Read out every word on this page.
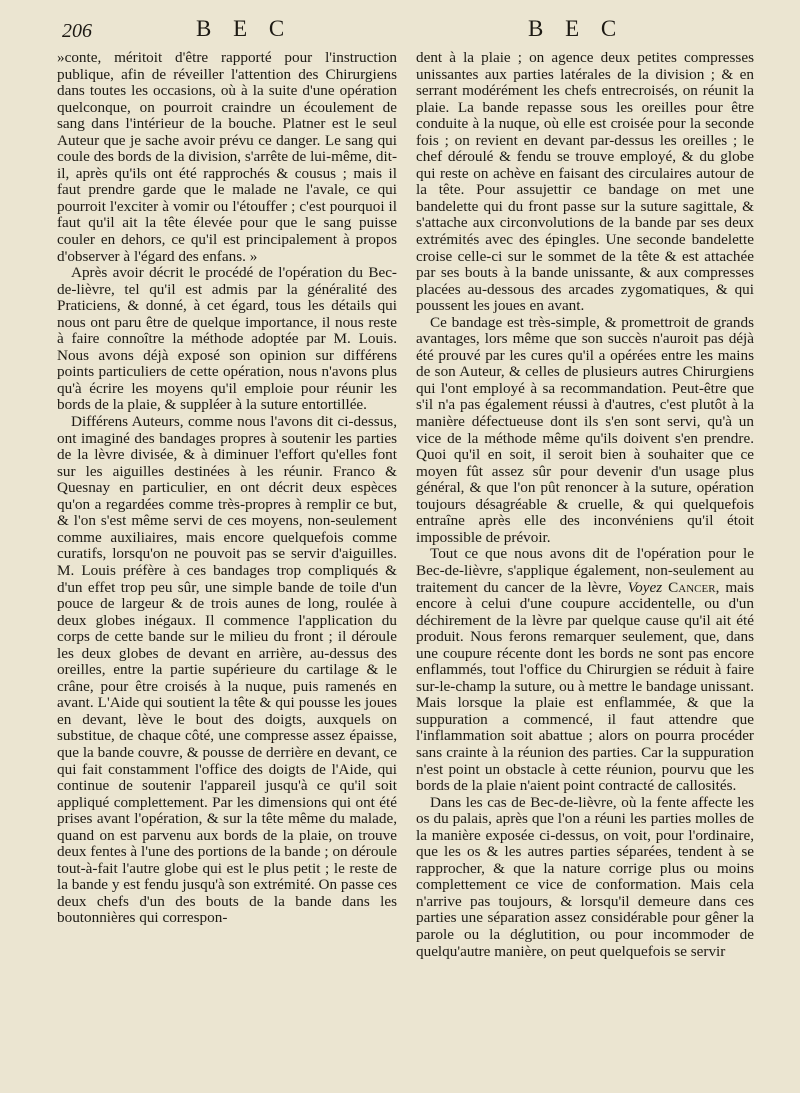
206	B E C	B E C

»conte, méritoit d'être rapporté pour l'instruction publique, afin de réveiller l'attention des Chirurgiens dans toutes les occasions, où à la suite d'une opération quelconque, on pourroit craindre un écoulement de sang dans l'intérieur de la bouche. Platner est le seul Auteur que je sache avoir prévu ce danger. Le sang qui coule des bords de la division, s'arrête de lui-même, dit-il, après qu'ils ont été rapprochés & cousus ; mais il faut prendre garde que le malade ne l'avale, ce qui pourroit l'exciter à vomir ou l'étouffer ; c'est pourquoi il faut qu'il ait la tête élevée pour que le sang puisse couler en dehors, ce qu'il est principalement à propos d'observer à l'égard des enfans. »

Après avoir décrit le procédé de l'opération du Bec-de-lièvre, tel qu'il est admis par la généralité des Praticiens, & donné, à cet égard, tous les détails qui nous ont paru être de quelque importance, il nous reste à faire connoître la méthode adoptée par M. Louis. Nous avons déjà exposé son opinion sur différens points particuliers de cette opération, nous n'avons plus qu'à écrire les moyens qu'il emploie pour réunir les bords de la plaie, & suppléer à la suture entortillée.

Différens Auteurs, comme nous l'avons dit ci-dessus, ont imaginé des bandages propres à soutenir les parties de la lèvre divisée, & à diminuer l'effort qu'elles font sur les aiguilles destinées à les réunir. Franco & Quesnay en particulier, en ont décrit deux espèces qu'on a regardées comme très-propres à remplir ce but, & l'on s'est même servi de ces moyens, non-seulement comme auxiliaires, mais encore quelquefois comme curatifs, lorsqu'on ne pouvoit pas se servir d'aiguilles. M. Louis préfère à ces bandages trop compliqués & d'un effet trop peu sûr, une simple bande de toile d'un pouce de largeur & de trois aunes de long, roulée à deux globes inégaux. Il commence l'application du corps de cette bande sur le milieu du front ; il déroule les deux globes de devant en arrière, au-dessus des oreilles, entre la partie supérieure du cartilage & le crâne, pour être croisés à la nuque, puis ramenés en avant. L'Aide qui soutient la tête & qui pousse les joues en devant, lève le bout des doigts, auxquels on substitue, de chaque côté, une compresse assez épaisse, que la bande couvre, & pousse de derrière en devant, ce qui fait constamment l'office des doigts de l'Aide, qui continue de soutenir l'appareil jusqu'à ce qu'il soit appliqué complettement. Par les dimensions qui ont été prises avant l'opération, & sur la tête même du malade, quand on est parvenu aux bords de la plaie, on trouve deux fentes à l'une des portions de la bande ; on déroule tout-à-fait l'autre globe qui est le plus petit ; le reste de la bande y est fendu jusqu'à son extrémité. On passe ces deux chefs d'un des bouts de la bande dans les boutonnières qui correspon-

dent à la plaie ; on agence deux petites compresses unissantes aux parties latérales de la division ; & en serrant modérément les chefs entrecroisés, on réunit la plaie. La bande repasse sous les oreilles pour être conduite à la nuque, où elle est croisée pour la seconde fois ; on revient en devant par-dessus les oreilles ; le chef déroulé & fendu se trouve employé, & du globe qui reste on achève en faisant des circulaires autour de la tête. Pour assujettir ce bandage on met une bandelette qui du front passe sur la suture sagittale, & s'attache aux circonvolutions de la bande par ses deux extrémités avec des épingles. Une seconde bandelette croise celle-ci sur le sommet de la tête & est attachée par ses bouts à la bande unissante, & aux compresses placées au-dessous des arcades zygomatiques, & qui poussent les joues en avant.

Ce bandage est très-simple, & promettroit de grands avantages, lors même que son succès n'auroit pas déjà été prouvé par les cures qu'il a opérées entre les mains de son Auteur, & celles de plusieurs autres Chirurgiens qui l'ont employé à sa recommandation. Peut-être que s'il n'a pas également réussi à d'autres, c'est plutôt à la manière défectueuse dont ils s'en sont servi, qu'à un vice de la méthode même qu'ils doivent s'en prendre. Quoi qu'il en soit, il seroit bien à souhaiter que ce moyen fût assez sûr pour devenir d'un usage plus général, & que l'on pût renoncer à la suture, opération toujours désagréable & cruelle, & qui quelquefois entraîne après elle des inconvéniens qu'il étoit impossible de prévoir.

Tout ce que nous avons dit de l'opération pour le Bec-de-lièvre, s'applique également, non-seulement au traitement du cancer de la lèvre, Voyez Cancer, mais encore à celui d'une coupure accidentelle, ou d'un déchirement de la lèvre par quelque cause qu'il ait été produit. Nous ferons remarquer seulement, que, dans une coupure récente dont les bords ne sont pas encore enflammés, tout l'office du Chirurgien se réduit à faire sur-le-champ la suture, ou à mettre le bandage unissant. Mais lorsque la plaie est enflammée, & que la suppuration a commencé, il faut attendre que l'inflammation soit abattue ; alors on pourra procéder sans crainte à la réunion des parties. Car la suppuration n'est point un obstacle à cette réunion, pourvu que les bords de la plaie n'aient point contracté de callosités.

Dans les cas de Bec-de-lièvre, où la fente affecte les os du palais, après que l'on a réuni les parties molles de la manière exposée ci-dessus, on voit, pour l'ordinaire, que les os & les autres parties séparées, tendent à se rapprocher, & que la nature corrige plus ou moins complettement ce vice de conformation. Mais cela n'arrive pas toujours, & lorsqu'il demeure dans ces parties une séparation assez considérable pour gêner la parole ou la déglutition, ou pour incommoder de quelqu'autre manière, on peut quelquefois se servir
